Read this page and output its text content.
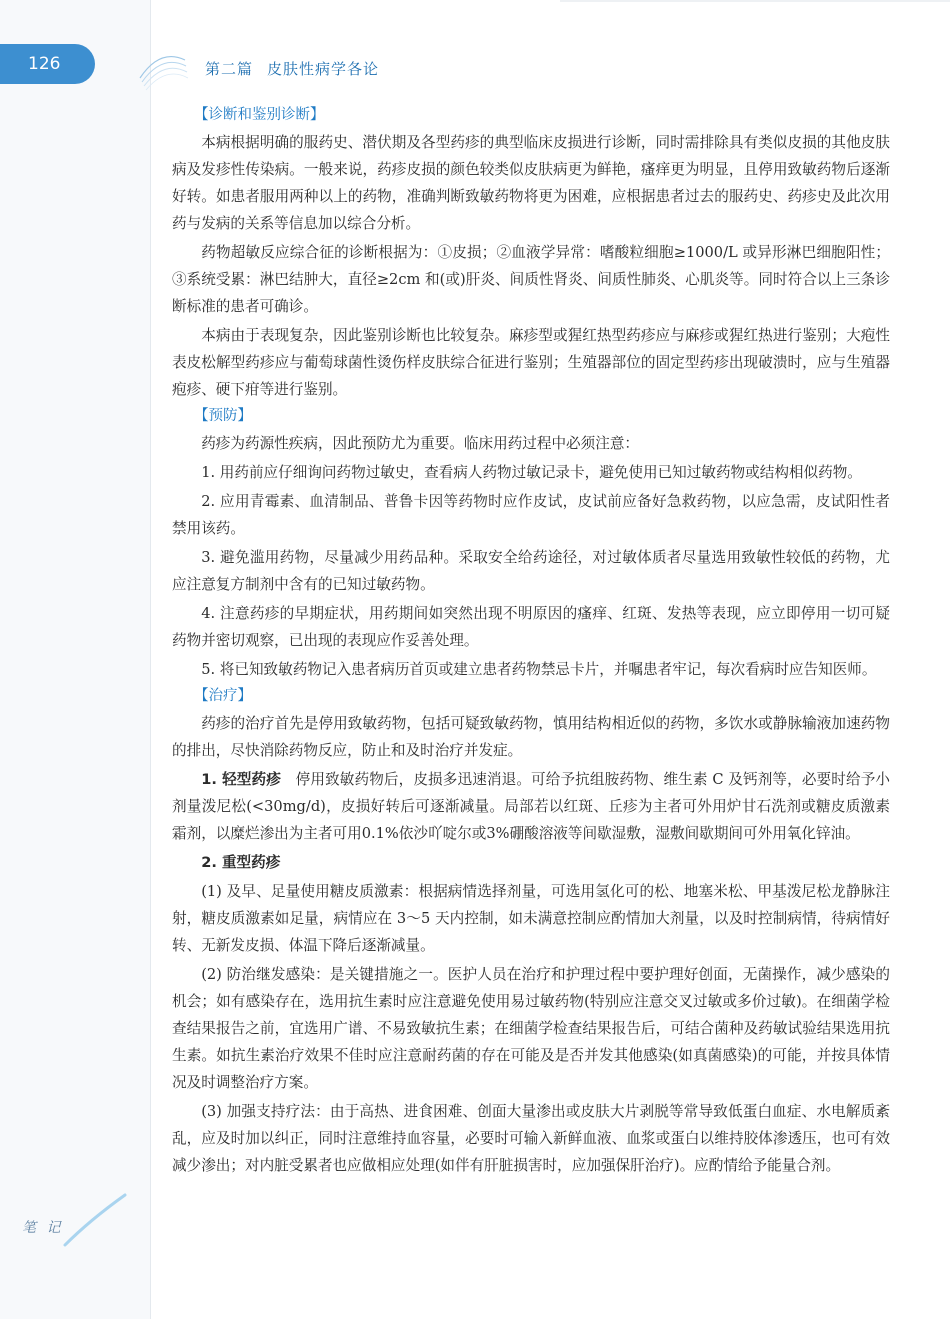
126	第二篇 皮肤性病学各论
笔 记
【诊断和鉴别诊断】

本病根据明确的服药史、潜伏期及各型药疹的典型临床皮损进行诊断，同时需排除具有类似皮损的其他皮肤病及发疹性传染病。一般来说，药疹皮损的颜色较类似皮肤病更为鲜艳，瘙痒更为明显，且停用致敏药物后逐渐好转。如患者服用两种以上的药物，准确判断致敏药物将更为困难，应根据患者过去的服药史、药疹史及此次用药与发病的关系等信息加以综合分析。

药物超敏反应综合征的诊断根据为：①皮损；②血液学异常：嗜酸粒细胞≥1000/L 或异形淋巴细胞阳性；③系统受累：淋巴结肿大，直径≥2cm 和(或)肝炎、间质性肾炎、间质性肺炎、心肌炎等。同时符合以上三条诊断标准的患者可确诊。

本病由于表现复杂，因此鉴别诊断也比较复杂。麻疹型或猩红热型药疹应与麻疹或猩红热进行鉴别；大疱性表皮松解型药疹应与葡萄球菌性烫伤样皮肤综合征进行鉴别；生殖器部位的固定型药疹出现破溃时，应与生殖器疱疹、硬下疳等进行鉴别。

【预防】

药疹为药源性疾病，因此预防尤为重要。临床用药过程中必须注意：

1. 用药前应仔细询问药物过敏史，查看病人药物过敏记录卡，避免使用已知过敏药物或结构相似药物。

2. 应用青霉素、血清制品、普鲁卡因等药物时应作皮试，皮试前应备好急救药物，以应急需，皮试阳性者禁用该药。

3. 避免滥用药物，尽量减少用药品种。采取安全给药途径，对过敏体质者尽量选用致敏性较低的药物，尤应注意复方制剂中含有的已知过敏药物。

4. 注意药疹的早期症状，用药期间如突然出现不明原因的瘙痒、红斑、发热等表现，应立即停用一切可疑药物并密切观察，已出现的表现应作妥善处理。

5. 将已知致敏药物记入患者病历首页或建立患者药物禁忌卡片，并嘱患者牢记，每次看病时应告知医师。

【治疗】

药疹的治疗首先是停用致敏药物，包括可疑致敏药物，慎用结构相近似的药物，多饮水或静脉输液加速药物的排出，尽快消除药物反应，防止和及时治疗并发症。

1. 轻型药疹　停用致敏药物后，皮损多迅速消退。可给予抗组胺药物、维生素 C 及钙剂等，必要时给予小剂量泼尼松(<30mg/d)，皮损好转后可逐渐减量。局部若以红斑、丘疹为主者可外用炉甘石洗剂或糖皮质激素霜剂，以糜烂渗出为主者可用0.1%依沙吖啶尔或3%硼酸溶液等间歇湿敷，湿敷间歇期间可外用氧化锌油。

2. 重型药疹

(1) 及早、足量使用糖皮质激素：根据病情选择剂量，可选用氢化可的松、地塞米松、甲基泼尼松龙静脉注射，糖皮质激素如足量，病情应在 3～5 天内控制，如未满意控制应酌情加大剂量，以及时控制病情，待病情好转、无新发皮损、体温下降后逐渐减量。

(2) 防治继发感染：是关键措施之一。医护人员在治疗和护理过程中要护理好创面，无菌操作，减少感染的机会；如有感染存在，选用抗生素时应注意避免使用易过敏药物(特别应注意交叉过敏或多价过敏)。在细菌学检查结果报告之前，宜选用广谱、不易致敏抗生素；在细菌学检查结果报告后，可结合菌种及药敏试验结果选用抗生素。如抗生素治疗效果不佳时应注意耐药菌的存在可能及是否并发其他感染(如真菌感染)的可能，并按具体情况及时调整治疗方案。

(3) 加强支持疗法：由于高热、进食困难、创面大量渗出或皮肤大片剥脱等常导致低蛋白血症、水电解质紊乱，应及时加以纠正，同时注意维持血容量，必要时可输入新鲜血液、血浆或蛋白以维持胶体渗透压，也可有效减少渗出；对内脏受累者也应做相应处理(如伴有肝脏损害时，应加强保肝治疗)。应酌情给予能量合剂。
